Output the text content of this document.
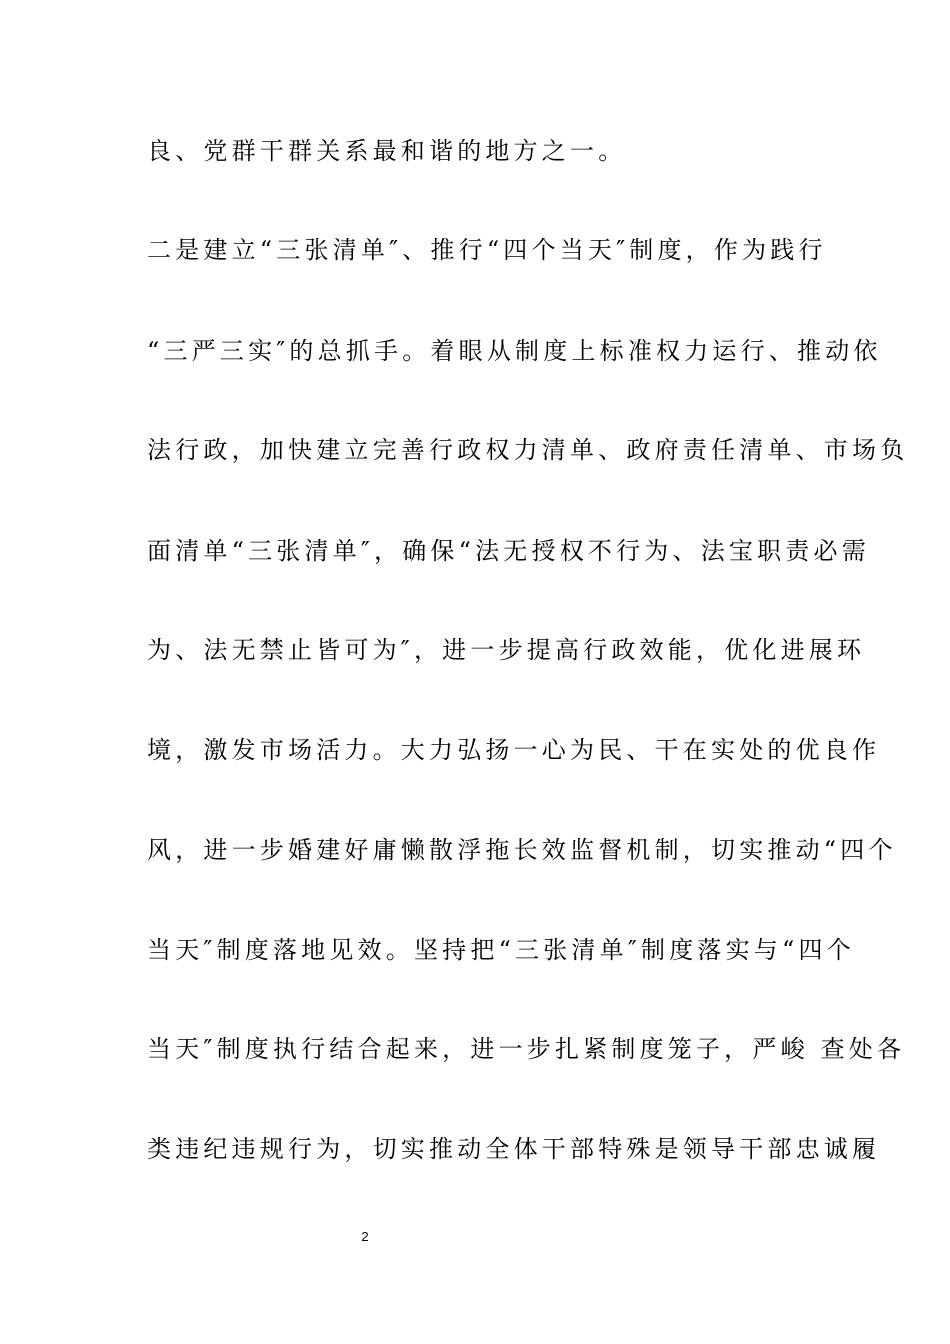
良、党群干群关系最和谐的地方之一。
二是建立“三张清单″、推行“四个当天″制度，作为践行
“三严三实″的总抓手。着眼从制度上标准权力运行、推动依
法行政，加快建立完善行政权力清单、政府责任清单、市场负
面清单“三张清单″，确保“法无授权不行为、法宝职责必需
为、法无禁止皆可为″，进一步提高行政效能，优化进展环
境，激发市场活力。大力弘扬一心为民、干在实处的优良作
风，进一步婚建好庸懒散浮拖长效监督机制，切实推动“四个
当天″制度落地见效。坚持把“三张清单″制度落实与“四个
当天″制度执行结合起来，进一步扎紧制度笼子，严峻 查处各
类违纪违规行为，切实推动全体干部特殊是领导干部忠诚履
2
